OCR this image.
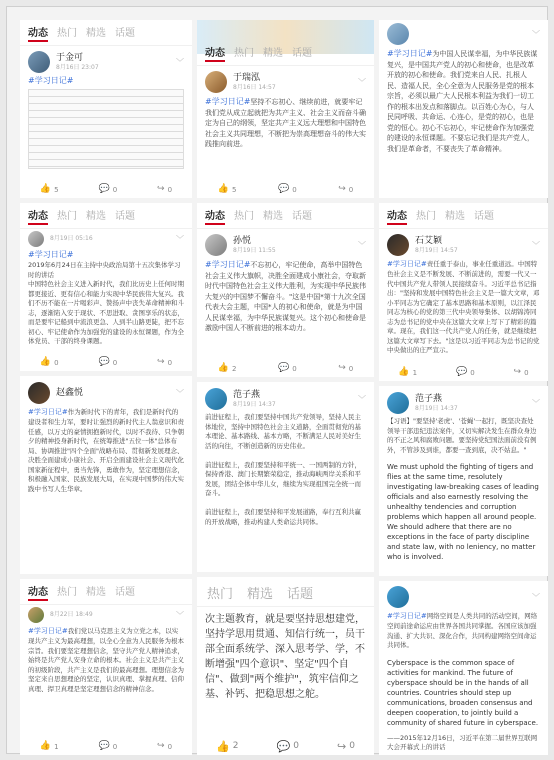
动态 热门 精选 话题
于金可
8月16日 23:07
﹀
#学习日记#
👍 5	💬 0	↪ 0
动态 热门 精选 话题
于瑞泓
8月16日 14:57
﹀
#学习日记#坚持不忘初心、继续前进，就要牢记我们党从成立起就把为共产主义、社会主义而奋斗确定为自己的纲领，坚定共产主义远大理想和中国特色社会主义共同理想，不断把为崇高理想奋斗的伟大实践推向前进。
👍 5	💬 0	↪ 0
﹀
#学习日记#为中国人民谋幸福，为中华民族谋复兴，是中国共产党人的初心和使命，也是改革开放的初心和使命。我们党来自人民、扎根人民、造福人民，全心全意为人民服务是党的根本宗旨，必须以最广大人民根本利益为我们一切工作的根本出发点和落脚点。以百姓心为心，与人民同呼吸、共命运、心连心，是党的初心，也是党的恒心。初心不忘初心，牢记使命作为加强党的建设的永恒课题。不要忘记我们是共产党人，我们是革命者，不要丧失了革命精神。
动态 热门 精选 话题
8月19日 05:16	﹀
#学习日记#
2019年6月24日在主持中央政治局第十五次集体学习时的讲话
中国特色社会主义进入新时代，我们比历史上任何时期都更接近、更有信心和能力实现中华民族伟大复兴。我们不历不能在一片喝彩声、赞扬声中丧失革命精神和斗志，逐渐陷入安于现状、不思进取、贪图享乐的状态，而是要牢记船到中流浪更急、人到半山路更陡，把不忘初心、牢记使命作为加强党的建设的永恒课题，作为全体党员、干部的终身课题。
👍 0	💬 0	↪ 0
动态 热门 精选 话题
孙悦
8月19日 11:55
﹀
#学习日记#不忘初心，牢记使命，高举中国特色社会主义伟大旗帜，决胜全面建成小康社会，夺取新时代中国特色社会主义伟大胜利，为实现中华民族伟大复兴的中国梦不懈奋斗。"这是中国*第十九次全国代表大会主题，中国*人的初心和使命，就是为中国人民谋幸福，为中华民族谋复兴。这个初心和使命是激励中国人不断前进的根本动力。
👍 2	💬 0	↪ 0
动态 热门 精选 话题
石艾颖
8月19日 14:57
﹀
#学习日记#责任重于泰山，事业任重道远。中国特色社会主义是不断发展、不断前进的，需要一代又一代中国共产党人带领人民接续奋斗。习近平总书记指出："坚持和发展中国特色社会主义是一篇大文章，邓小平同志为它确定了基本思路和基本原则，以江泽民同志为核心的党的第三代中央领导集体、以胡锦涛同志为总书记的党中央在这篇大文章上写下了精彩的篇章。现在，我们这一代共产党人的任务，就是继续把这篇大文章写下去。"这是以习近平同志为总书记的党中央做出的庄严宣示。
👍 1	💬 0	↪ 0
赵鑫悦	﹀
#学习日记#作为新时代下的青年，我们是新时代的建设者和生力军，要时让强烈的新时代主人翁意识和责任感，以万丈的豪情拥抱新时代，以时不我待、只争朝夕的精神投身新时代，在统筹推进"五位一体"总体布局、协调推进"四个全面"战略布局、贯彻新发展理念、决胜全面建成小康社会、开启全面建设社会主义现代化国家新征程中，勇当先锋，勇敢作为，坚定理想信念，积极融入国家、民族发展大局，在实现中国梦的伟大实践中书写人生华章。
范子燕
8月19日 14:37
﹀
前进征程上，我们要坚持中国共产党领导，坚持人民主体地位，坚持中国特色社会主义道路，全面贯彻党的基本理论、基本路线、基本方略，不断满足人民对美好生活的向往，不断创造新的历史伟业。

前进征程上，我们要坚持和平统一、一国两制的方针，保持香港、澳门长期繁荣稳定，推动海峡两岸关系和平发展，团结全体中华儿女，继续为实现祖国完全统一而奋斗。

前进征程上，我们要坚持和平发展道路，奉行互利共赢的开放战略，推动构建人类命运共同体。
范子燕
8月19日 14:37
﹀
【习语】"要坚持'老虎'、'苍蝇'一起打，既坚决查处领导干部违纪违法案件，又切实解决发生在群众身边的不正之风和腐败问题。要坚持党纪国法面前没有例外，不管涉及到谁，都要一查到底，决不姑息。"
We must uphold the fighting of tigers and flies at the same time, resolutely investigating law-breaking cases of leading officials and also earnestly resolving the unhealthy tendencies and corruption problems which happen all around people. We should adhere that there are no exceptions in the face of party discipline and state law, with no leniency, no matter who is involved.
动态 热门 精选 话题
8月22日 18:49	﹀
#学习日记#我们党以马克思主义为立党之本，以实现共产主义为最高理想，以全心全意为人民服务为根本宗旨。我们要坚定理想信念，坚守共产党人精神追求，始终是共产党人安身立命的根本。社会主义是共产主义的初级阶段，共产主义是我们的最高理想。理想信念为坚定来自思想理论的坚定，认识真理、掌握真理、信仰真理、捍卫真理是坚定理想信念的精神信念。
👍 1	💬 0	↪ 0
热门 精选 话题
次主题教育，就是要坚持思想建党，坚持学思用贯通、知信行统一，员干部全面系统学、深入思考学、学，不断增强"四个意识"、坚定"四个自信"、做到"两个维护"，筑牢信仰之基、补钙、把稳思想之舵。
👍 2	💬 0	↪ 0
﹀
#学习日记#网络空间是人类共同的活动空间，网络空间前途命运应由世界各国共同掌握。各国应该加强沟通、扩大共识、深化合作，共同构建网络空间命运共同体。
Cyberspace is the common space of activities for mankind. The future of cyberspace should be in the hands of all countries. Countries should step up communications, broaden consensus and deepen cooperation, to jointly build a community of shared future in cyberspace.
——2015年12月16日，习近平在第二届世界互联网大会开幕式上的讲话
